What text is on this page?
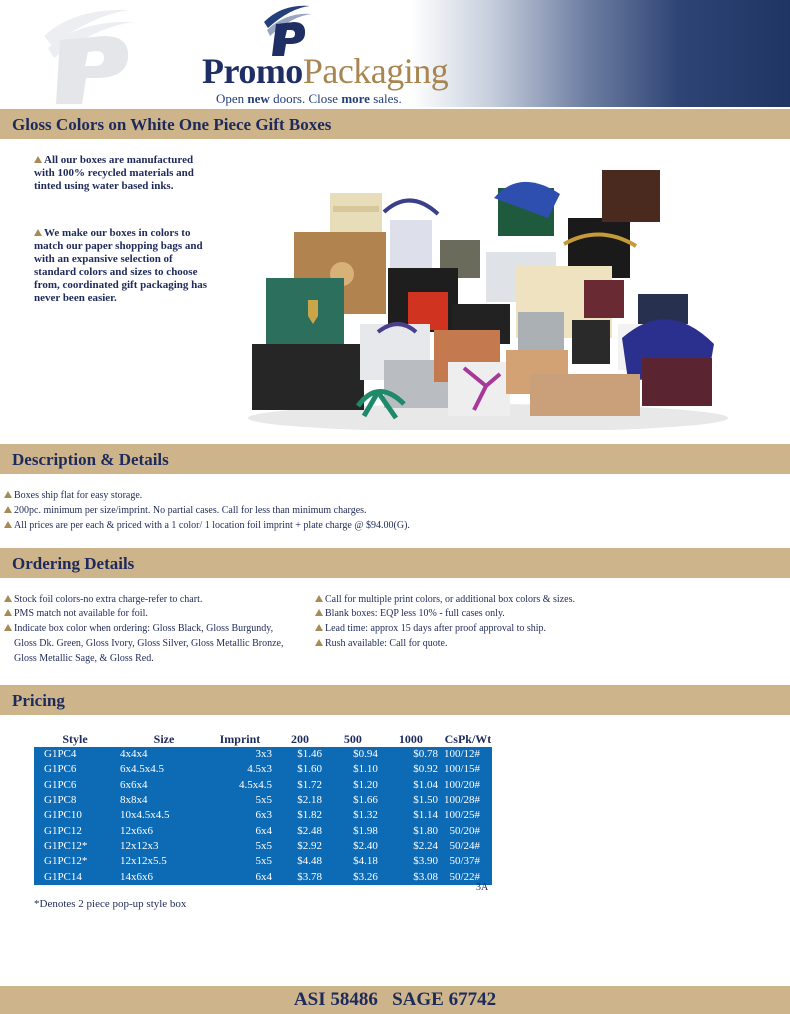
PromoPackaging
Open new doors. Close more sales.
Gloss Colors on White One Piece Gift Boxes
All our boxes are manufactured with 100% recycled materials and tinted using water based inks.
We make our boxes in colors to match our paper shopping bags and with an expansive selection of standard colors and sizes to choose from, coordinated gift packaging has never been easier.
Description & Details
Boxes ship flat for easy storage.
200pc. minimum per size/imprint. No partial cases. Call for less than minimum charges.
All prices are per each & priced with a 1 color/ 1 location foil imprint + plate charge @ $94.00(G).
Ordering Details
Stock foil colors-no extra charge-refer to chart.
PMS match not available for foil.
Indicate box color when ordering: Gloss Black, Gloss Burgundy,
Gloss Dk. Green, Gloss Ivory, Gloss Silver, Gloss Metallic Bronze,
Gloss Metallic Sage, & Gloss Red.
Call for multiple print colors, or additional box colors & sizes.
Blank boxes: EQP less 10% - full cases only.
Lead time: approx 15 days after proof approval to ship.
Rush available: Call for quote.
Pricing
Style	Size	Imprint	200	500	1000	CsPk/Wt
G1PC4	4x4x4	3x3	$1.46	$0.94	$0.78	100/12#
G1PC6	6x4.5x4.5	4.5x3	$1.60	$1.10	$0.92	100/15#
G1PC6	6x6x4	4.5x4.5	$1.72	$1.20	$1.04	100/20#
G1PC8	8x8x4	5x5	$2.18	$1.66	$1.50	100/28#
G1PC10	10x4.5x4.5	6x3	$1.82	$1.32	$1.14	100/25#
G1PC12	12x6x6	6x4	$2.48	$1.98	$1.80	50/20#
G1PC12*	12x12x3	5x5	$2.92	$2.40	$2.24	50/24#
G1PC12*	12x12x5.5	5x5	$4.48	$4.18	$3.90	50/37#
G1PC14	14x6x6	6x4	$3.78	$3.26	$3.08	50/22#
3A
*Denotes 2 piece pop-up style box
ASI 58486   SAGE 67742
